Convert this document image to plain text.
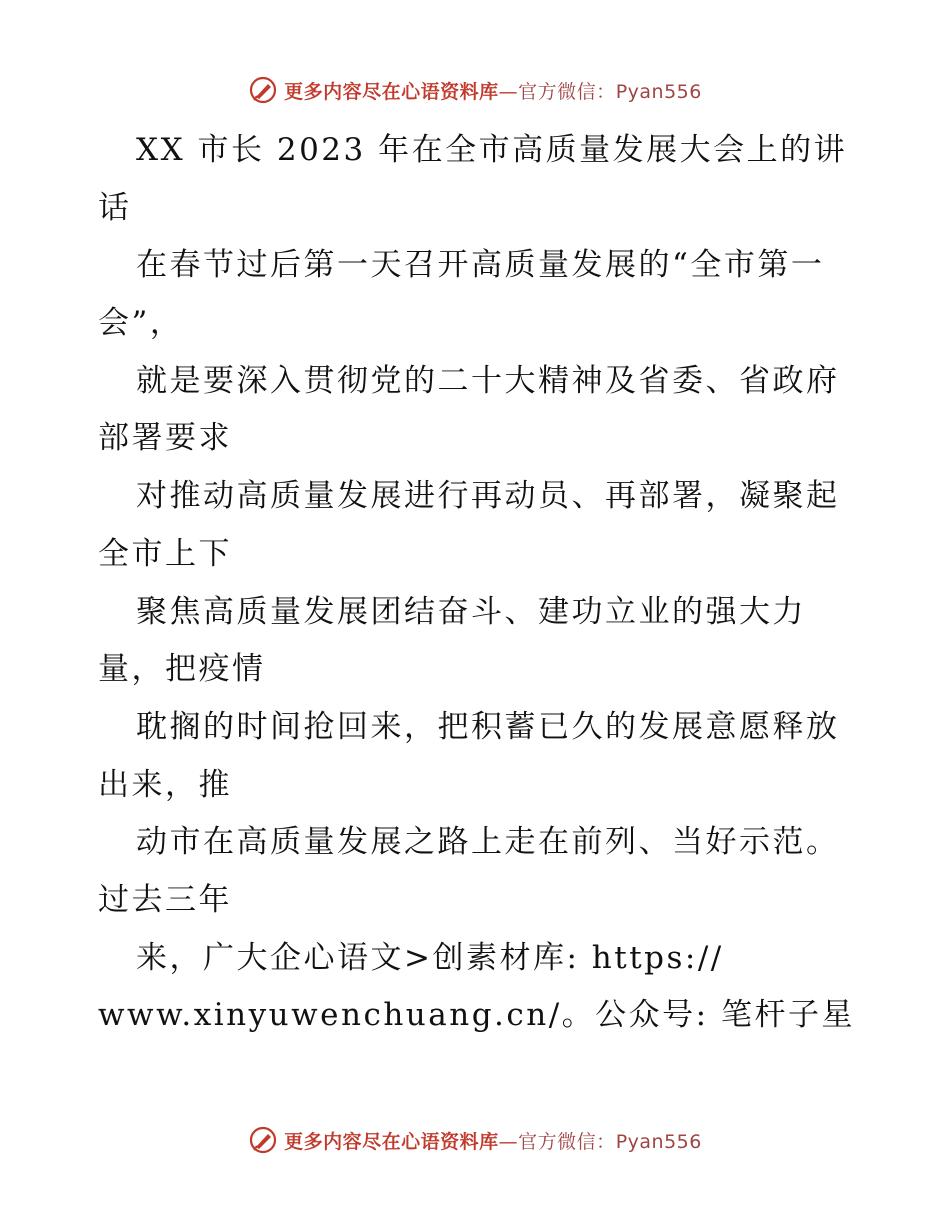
更多内容尽在心语资料库—官方微信：Pyan556
XX 市长 2023 年在全市高质量发展大会上的讲
话
在春节过后第一天召开高质量发展的“全市第一
会”，
就是要深入贯彻党的二十大精神及省委、省政府
部署要求
对推动高质量发展进行再动员、再部署，凝聚起
全市上下
聚焦高质量发展团结奋斗、建功立业的强大力
量，把疫情
耽搁的时间抢回来，把积蓄已久的发展意愿释放
出来，推
动市在高质量发展之路上走在前列、当好示范。
过去三年
来，广大企心语文>创素材库: https://
www.xinyuwenchuang.cn/。公众号: 笔杆子星
更多内容尽在心语资料库—官方微信：Pyan556
